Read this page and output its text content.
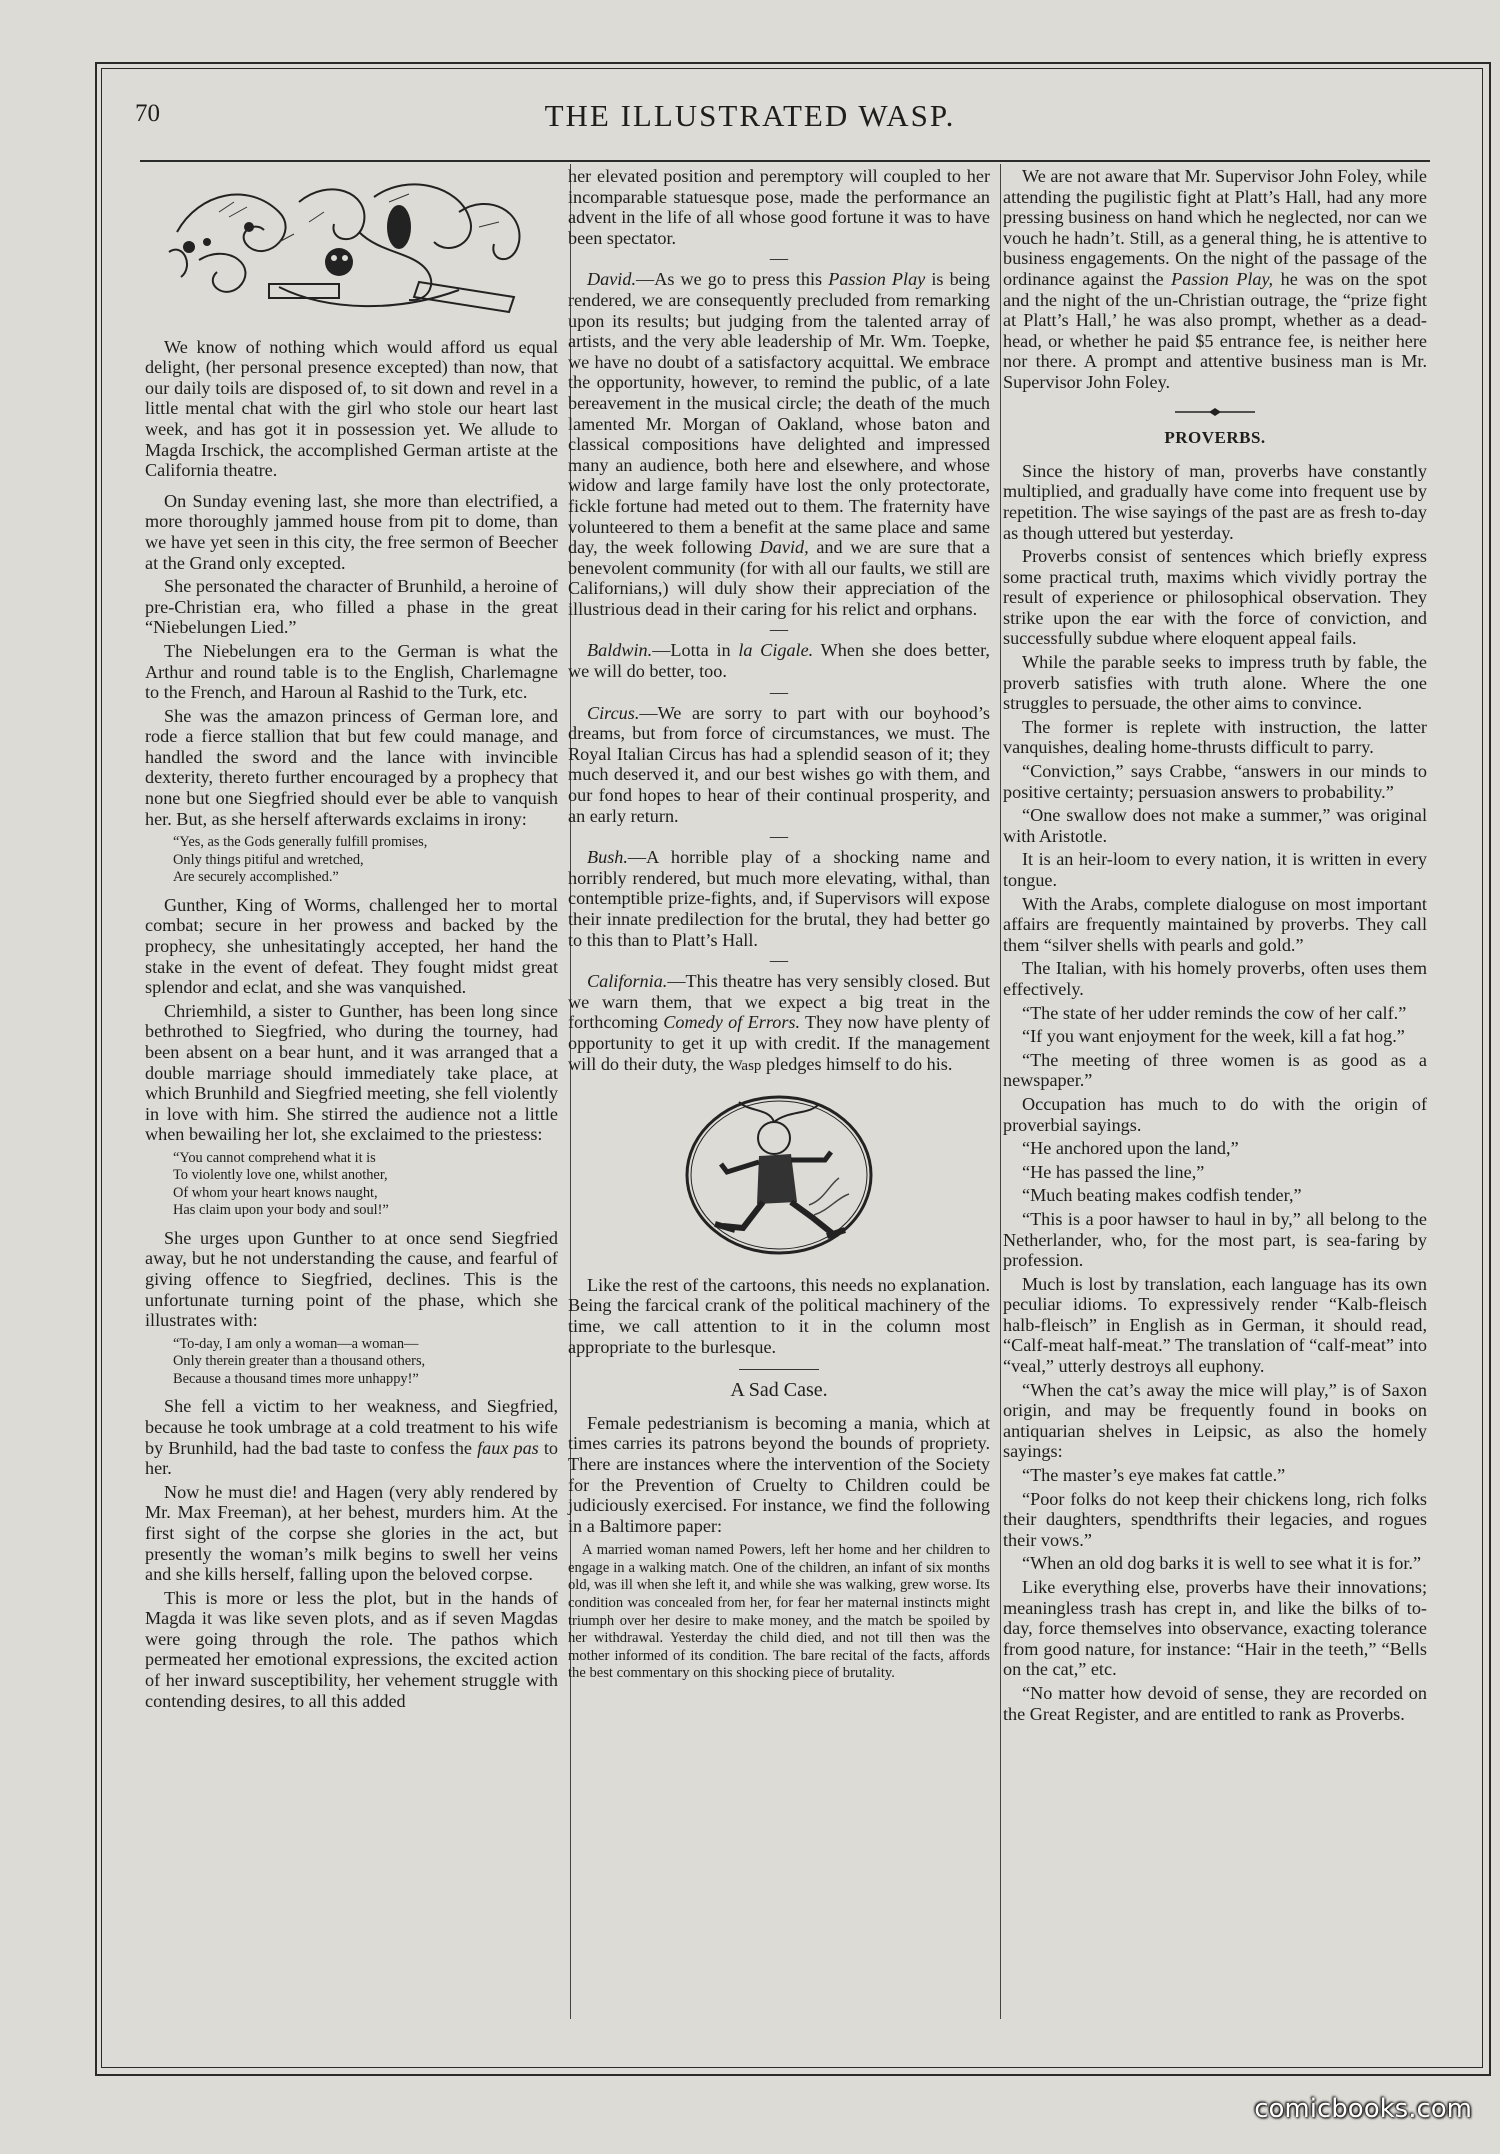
70	THE ILLUSTRATED WASP.

We know of nothing which would afford us equal delight, (her personal presence excepted) than now, that our daily toils are disposed of, to sit down and revel in a little mental chat with the girl who stole our heart last week, and has got it in possession yet. We allude to Magda Irschick, the accomplished German artiste at the California theatre.

On Sunday evening last, she more than electrified, a more thoroughly jammed house from pit to dome, than we have yet seen in this city, the free sermon of Beecher at the Grand only excepted.

She personated the character of Brunhild, a heroine of pre-Christian era, who filled a phase in the great “Niebelungen Lied.”

The Niebelungen era to the German is what the Arthur and round table is to the English, Charlemagne to the French, and Haroun al Rashid to the Turk, etc.

She was the amazon princess of German lore, and rode a fierce stallion that but few could manage, and handled the sword and the lance with invincible dexterity, thereto further encouraged by a prophecy that none but one Siegfried should ever be able to vanquish her. But, as she herself afterwards exclaims in irony:

“Yes, as the Gods generally fulfill promises,
Only things pitiful and wretched,
Are securely accomplished.”

Gunther, King of Worms, challenged her to mortal combat; secure in her prowess and backed by the prophecy, she unhesitatingly accepted, her hand the stake in the event of defeat. They fought midst great splendor and eclat, and she was vanquished.

Chriemhild, a sister to Gunther, has been long since bethrothed to Siegfried, who during the tourney, had been absent on a bear hunt, and it was arranged that a double marriage should immediately take place, at which Brunhild and Siegfried meeting, she fell violently in love with him. She stirred the audience not a little when bewailing her lot, she exclaimed to the priestess:

“You cannot comprehend what it is
To violently love one, whilst another,
Of whom your heart knows naught,
Has claim upon your body and soul!”

She urges upon Gunther to at once send Siegfried away, but he not understanding the cause, and fearful of giving offence to Siegfried, declines. This is the unfortunate turning point of the phase, which she illustrates with:

“To-day, I am only a woman—a woman—
Only therein greater than a thousand others,
Because a thousand times more unhappy!”

She fell a victim to her weakness, and Siegfried, because he took umbrage at a cold treatment to his wife by Brunhild, had the bad taste to confess the faux pas to her.

Now he must die! and Hagen (very ably rendered by Mr. Max Freeman), at her behest, murders him. At the first sight of the corpse she glories in the act, but presently the woman’s milk begins to swell her veins and she kills herself, falling upon the beloved corpse.

This is more or less the plot, but in the hands of Magda it was like seven plots, and as if seven Magdas were going through the role. The pathos which permeated her emotional expressions, the excited action of her inward susceptibility, her vehement struggle with contending desires, to all this added

her elevated position and peremptory will coupled to her incomparable statuesque pose, made the performance an advent in the life of all whose good fortune it was to have been spectator.

—

David.—As we go to press this Passion Play is being rendered, we are consequently precluded from remarking upon its results; but judging from the talented array of artists, and the very able leadership of Mr. Wm. Toepke, we have no doubt of a satisfactory acquittal. We embrace the opportunity, however, to remind the public, of a late bereavement in the musical circle; the death of the much lamented Mr. Morgan of Oakland, whose baton and classical compositions have delighted and impressed many an audience, both here and elsewhere, and whose widow and large family have lost the only protectorate, fickle fortune had meted out to them. The fraternity have volunteered to them a benefit at the same place and same day, the week following David, and we are sure that a benevolent community (for with all our faults, we still are Californians,) will duly show their appreciation of the illustrious dead in their caring for his relict and orphans.

—

Baldwin.—Lotta in la Cigale. When she does better, we will do better, too.

—

Circus.—We are sorry to part with our boyhood’s dreams, but from force of circumstances, we must. The Royal Italian Circus has had a splendid season of it; they much deserved it, and our best wishes go with them, and our fond hopes to hear of their continual prosperity, and an early return.

—

Bush.—A horrible play of a shocking name and horribly rendered, but much more elevating, withal, than contemptible prize-fights, and, if Supervisors will expose their innate predilection for the brutal, they had better go to this than to Platt’s Hall.

—

California.—This theatre has very sensibly closed. But we warn them, that we expect a big treat in the forthcoming Comedy of Errors. They now have plenty of opportunity to get it up with credit. If the management will do their duty, the Wasp pledges himself to do his.

Like the rest of the cartoons, this needs no explanation. Being the farcical crank of the political machinery of the time, we call attention to it in the column most appropriate to the burlesque.

A Sad Case.

Female pedestrianism is becoming a mania, which at times carries its patrons beyond the bounds of propriety. There are instances where the intervention of the Society for the Prevention of Cruelty to Children could be judiciously exercised. For instance, we find the following in a Baltimore paper:

A married woman named Powers, left her home and her children to engage in a walking match. One of the children, an infant of six months old, was ill when she left it, and while she was walking, grew worse. Its condition was concealed from her, for fear her maternal instincts might triumph over her desire to make money, and the match be spoiled by her withdrawal. Yesterday the child died, and not till then was the mother informed of its condition. The bare recital of the facts, affords the best commentary on this shocking piece of brutality.

We are not aware that Mr. Supervisor John Foley, while attending the pugilistic fight at Platt’s Hall, had any more pressing business on hand which he neglected, nor can we vouch he hadn’t. Still, as a general thing, he is attentive to business engagements. On the night of the passage of the ordinance against the Passion Play, he was on the spot and the night of the un-Christian outrage, the “prize fight at Platt’s Hall,’ he was also prompt, whether as a dead-head, or whether he paid $5 entrance fee, is neither here nor there. A prompt and attentive business man is Mr. Supervisor John Foley.

PROVERBS.

Since the history of man, proverbs have constantly multiplied, and gradually have come into frequent use by repetition. The wise sayings of the past are as fresh to-day as though uttered but yesterday.

Proverbs consist of sentences which briefly express some practical truth, maxims which vividly portray the result of experience or philosophical observation. They strike upon the ear with the force of conviction, and successfully subdue where eloquent appeal fails.

While the parable seeks to impress truth by fable, the proverb satisfies with truth alone. Where the one struggles to persuade, the other aims to convince.

The former is replete with instruction, the latter vanquishes, dealing home-thrusts difficult to parry.

“Conviction,” says Crabbe, “answers in our minds to positive certainty; persuasion answers to probability.”

“One swallow does not make a summer,” was original with Aristotle.

It is an heir-loom to every nation, it is written in every tongue.

With the Arabs, complete dialoguse on most important affairs are frequently maintained by proverbs. They call them “silver shells with pearls and gold.”

The Italian, with his homely proverbs, often uses them effectively.

“The state of her udder reminds the cow of her calf.”

“If you want enjoyment for the week, kill a fat hog.”

“The meeting of three women is as good as a newspaper.”

Occupation has much to do with the origin of proverbial sayings.

“He anchored upon the land,”

“He has passed the line,”

“Much beating makes codfish tender,”

“This is a poor hawser to haul in by,” all belong to the Netherlander, who, for the most part, is sea-faring by profession.

Much is lost by translation, each language has its own peculiar idioms. To expressively render “Kalb-fleisch halb-fleisch” in English as in German, it should read, “Calf-meat half-meat.” The translation of “calf-meat” into “veal,” utterly destroys all euphony.

“When the cat’s away the mice will play,” is of Saxon origin, and may be frequently found in books on antiquarian shelves in Leipsic, as also the homely sayings:

“The master’s eye makes fat cattle.”

“Poor folks do not keep their chickens long, rich folks their daughters, spendthrifts their legacies, and rogues their vows.”

“When an old dog barks it is well to see what it is for.”

Like everything else, proverbs have their innovations; meaningless trash has crept in, and like the bilks of to-day, force themselves into observance, exacting tolerance from good nature, for instance: “Hair in the teeth,” “Bells on the cat,” etc.

“No matter how devoid of sense, they are recorded on the Great Register, and are entitled to rank as Proverbs.

comicbooks.com
